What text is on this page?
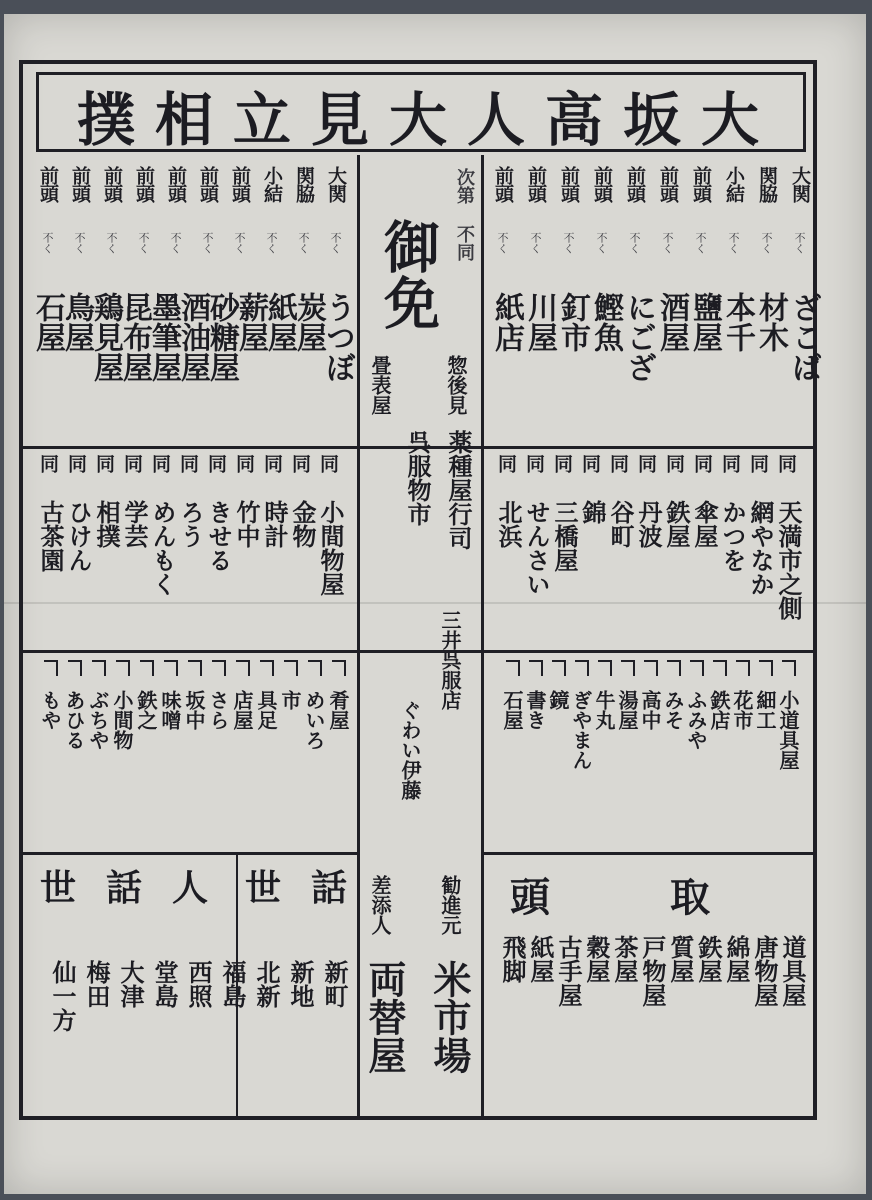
大
坂
高
人
大
見
立
相
撲
大関
不く
関脇
不く
小結
不く
前頭
不く
前頭
不く
前頭
不く
前頭
不く
前頭
不く
前頭
不く
前頭
不く
ざこば
材木
本千
鹽屋
酒屋
にござ
鰹魚
釘市
川屋
紙店
大関
不く
関脇
不く
小結
不く
前頭
不く
前頭
不く
前頭
不く
前頭
不く
前頭
不く
前頭
不く
前頭
不く
うつぼ
炭屋
紙屋
薪屋
砂糖屋
酒油屋
墨筆屋
昆布屋
鶏見屋
鳥屋
石屋
次第 不同
御免
惣後見
薬種屋行司
呉服物市
畳表屋
三井呉服店
ぐわい伊藤
勧進元
米市場
差添人
両替屋
同
天満市之側
同
網やなか
同
かつを
同
傘屋
同
鉄屋
同
丹波
同
谷町
同
錦
同
三橋屋
同
せんさい
同
北浜
同
小間物屋
同
金物
同
時計
同
竹中
同
きせる
同
ろう
同
めんもく
同
学芸
同
相撲
同
ひけん
同
古茶園
小道具屋
細工
花市
鉄店
ふみや
みそ
高中
湯屋
牛丸
ぎやまん
鏡
書き
石屋
肴屋
めいろ
市
具足
店屋
さら
坂中
味噌
鉄之
小間物
ぶちや
あひる
もや
世話人 世話
新町
新地
北新
福島
西照
堂島
大津
梅田
仙一方
頭取
道具屋
唐物屋
綿屋
鉄屋
質屋
戸物屋
茶屋
穀屋
古手屋
紙屋
飛脚
